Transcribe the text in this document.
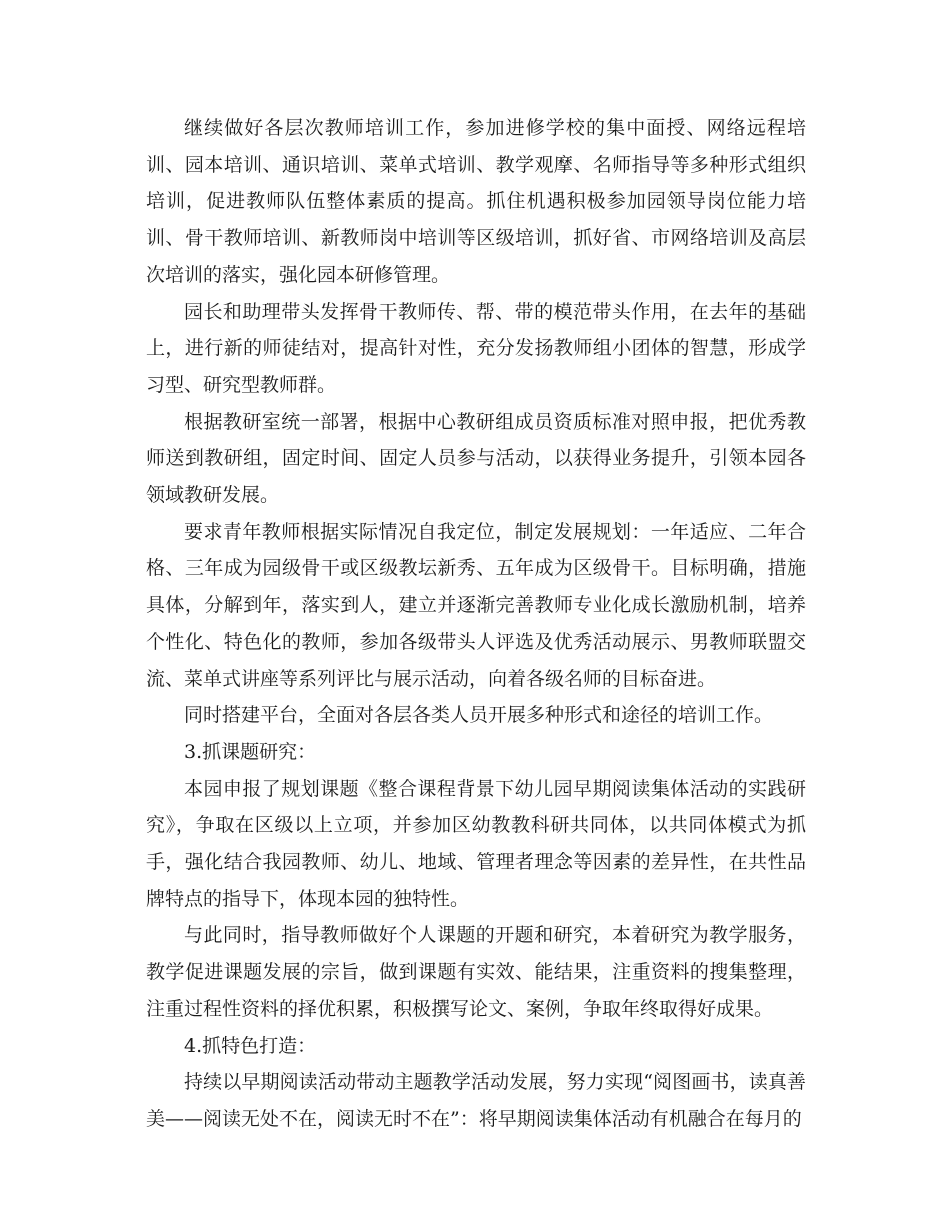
继续做好各层次教师培训工作，参加进修学校的集中面授、网络远程培训、园本培训、通识培训、菜单式培训、教学观摩、名师指导等多种形式组织培训，促进教师队伍整体素质的提高。抓住机遇积极参加园领导岗位能力培训、骨干教师培训、新教师岗中培训等区级培训，抓好省、市网络培训及高层次培训的落实，强化园本研修管理。

园长和助理带头发挥骨干教师传、帮、带的模范带头作用，在去年的基础上，进行新的师徒结对，提高针对性，充分发扬教师组小团体的智慧，形成学习型、研究型教师群。

根据教研室统一部署，根据中心教研组成员资质标准对照申报，把优秀教师送到教研组，固定时间、固定人员参与活动，以获得业务提升，引领本园各领域教研发展。

要求青年教师根据实际情况自我定位，制定发展规划：一年适应、二年合格、三年成为园级骨干或区级教坛新秀、五年成为区级骨干。目标明确，措施具体，分解到年，落实到人，建立并逐渐完善教师专业化成长激励机制，培养个性化、特色化的教师，参加各级带头人评选及优秀活动展示、男教师联盟交流、菜单式讲座等系列评比与展示活动，向着各级名师的目标奋进。

同时搭建平台，全面对各层各类人员开展多种形式和途径的培训工作。

3.抓课题研究：

本园申报了规划课题《整合课程背景下幼儿园早期阅读集体活动的实践研究》，争取在区级以上立项，并参加区幼教教科研共同体，以共同体模式为抓手，强化结合我园教师、幼儿、地域、管理者理念等因素的差异性，在共性品牌特点的指导下，体现本园的独特性。

与此同时，指导教师做好个人课题的开题和研究，本着研究为教学服务，教学促进课题发展的宗旨，做到课题有实效、能结果，注重资料的搜集整理，注重过程性资料的择优积累，积极撰写论文、案例，争取年终取得好成果。

4.抓特色打造：

持续以早期阅读活动带动主题教学活动发展，努力实现“阅图画书，读真善美——阅读无处不在，阅读无时不在”：将早期阅读集体活动有机融合在每月的
